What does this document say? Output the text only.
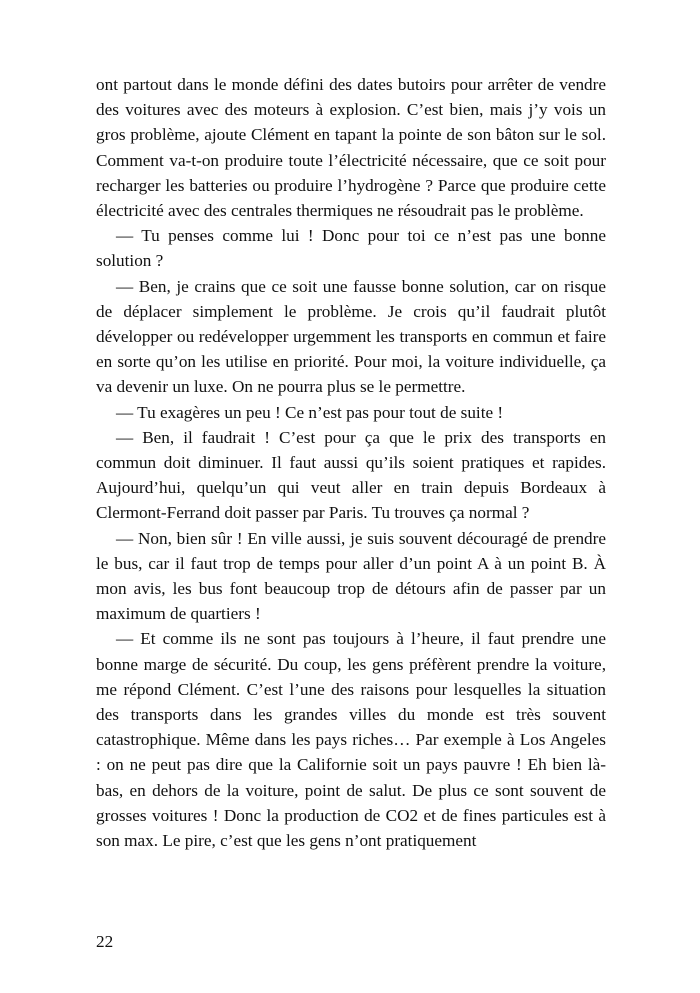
ont partout dans le monde défini des dates butoirs pour arrêter de vendre des voitures avec des moteurs à explosion. C’est bien, mais j’y vois un gros problème, ajoute Clément en tapant la pointe de son bâton sur le sol. Comment va-t-on produire toute l’électricité nécessaire, que ce soit pour recharger les batteries ou produire l’hydrogène ? Parce que produire cette électricité avec des centrales thermiques ne résoudrait pas le problème.

— Tu penses comme lui ! Donc pour toi ce n’est pas une bonne solution ?

— Ben, je crains que ce soit une fausse bonne solution, car on risque de déplacer simplement le problème. Je crois qu’il faudrait plutôt développer ou redévelopper urgemment les transports en commun et faire en sorte qu’on les utilise en priorité. Pour moi, la voiture individuelle, ça va devenir un luxe. On ne pourra plus se le permettre.

— Tu exagères un peu ! Ce n’est pas pour tout de suite !

— Ben, il faudrait ! C’est pour ça que le prix des transports en commun doit diminuer. Il faut aussi qu’ils soient pratiques et rapides. Aujourd’hui, quelqu’un qui veut aller en train depuis Bordeaux à Clermont-Ferrand doit passer par Paris. Tu trouves ça normal ?

— Non, bien sûr ! En ville aussi, je suis souvent découragé de prendre le bus, car il faut trop de temps pour aller d’un point A à un point B. À mon avis, les bus font beaucoup trop de détours afin de passer par un maximum de quartiers !

— Et comme ils ne sont pas toujours à l’heure, il faut prendre une bonne marge de sécurité. Du coup, les gens préfèrent prendre la voiture, me répond Clément. C’est l’une des raisons pour lesquelles la situation des transports dans les grandes villes du monde est très souvent catastrophique. Même dans les pays riches… Par exemple à Los Angeles : on ne peut pas dire que la Californie soit un pays pauvre ! Eh bien là-bas, en dehors de la voiture, point de salut. De plus ce sont souvent de grosses voitures ! Donc la production de CO2 et de fines particules est à son max. Le pire, c’est que les gens n’ont pratiquement

22
